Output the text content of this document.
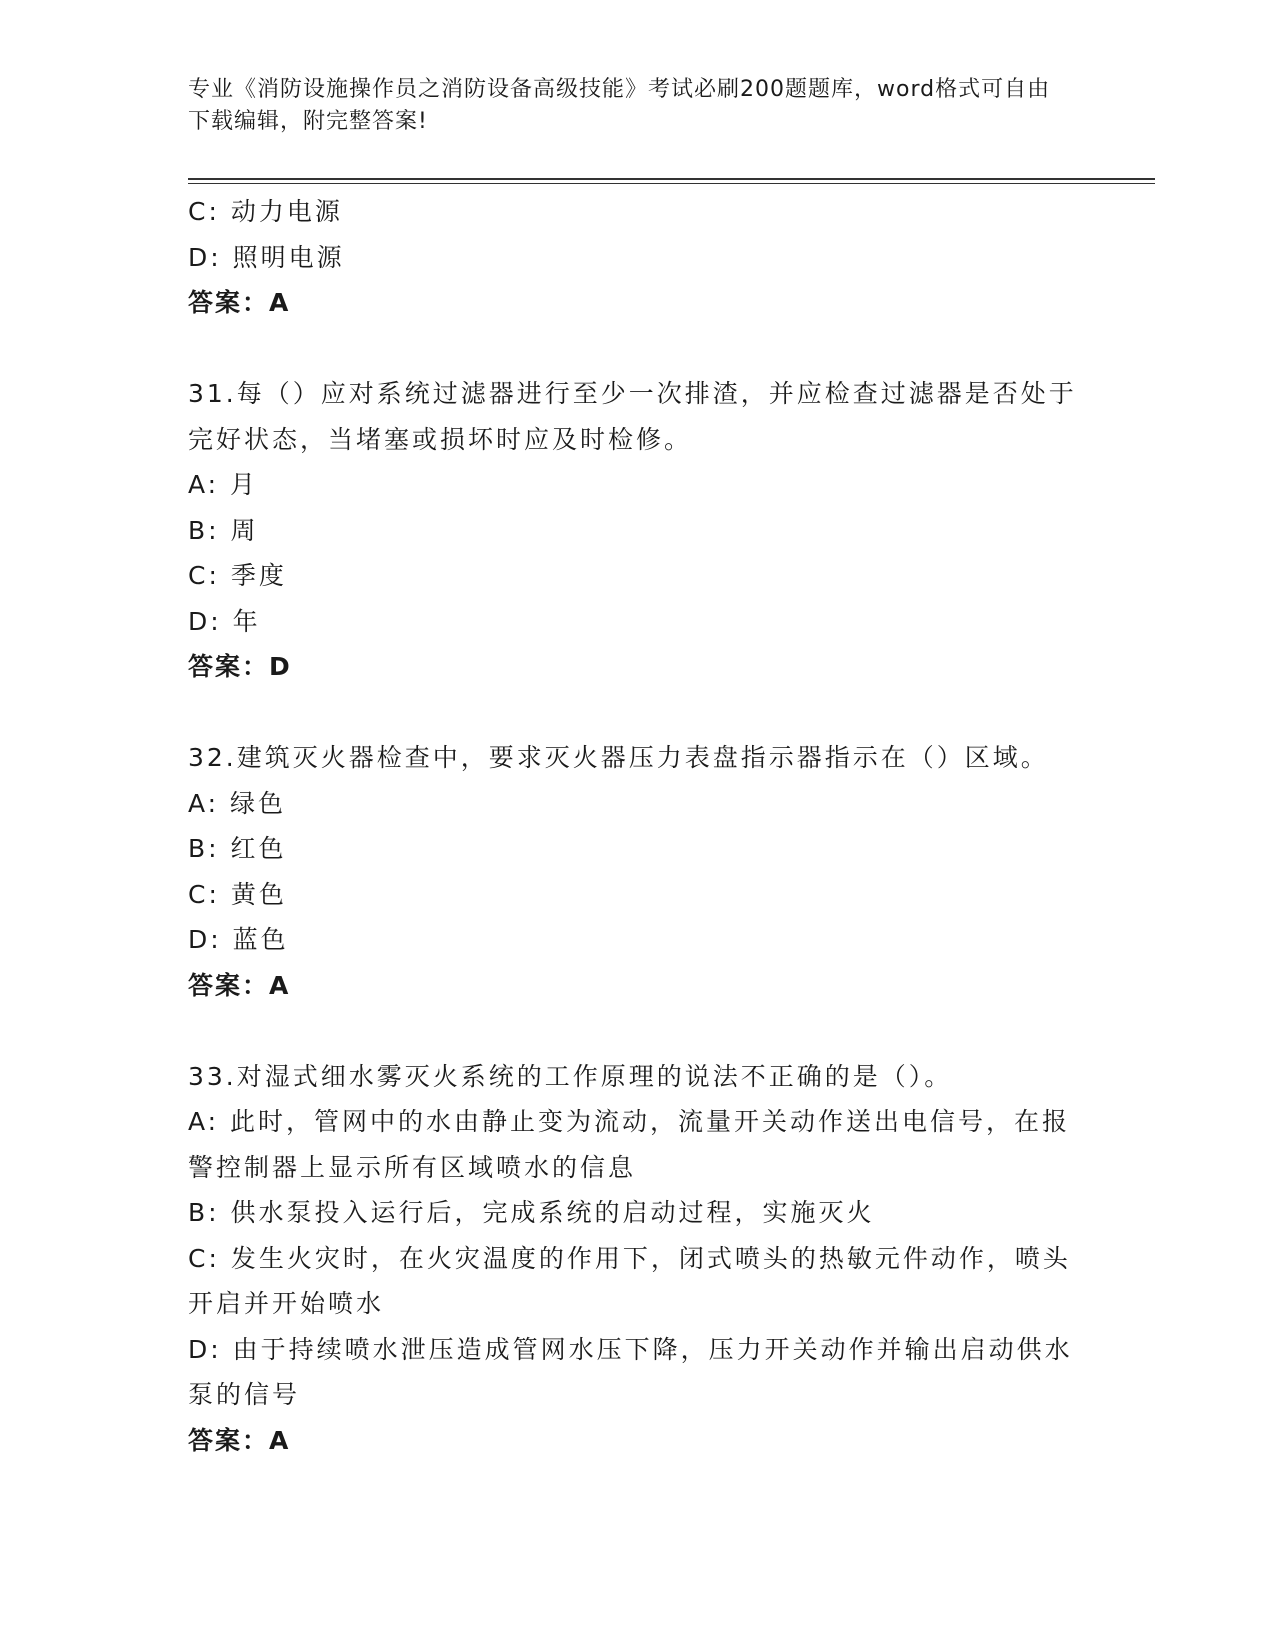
专业《消防设施操作员之消防设备高级技能》考试必刷200题题库，word格式可自由下载编辑，附完整答案!
C: 动力电源
D: 照明电源
答案：A
31.每（）应对系统过滤器进行至少一次排渣，并应检查过滤器是否处于完好状态，当堵塞或损坏时应及时检修。
A: 月
B: 周
C: 季度
D: 年
答案：D
32.建筑灭火器检查中，要求灭火器压力表盘指示器指示在（）区域。
A: 绿色
B: 红色
C: 黄色
D: 蓝色
答案：A
33.对湿式细水雾灭火系统的工作原理的说法不正确的是（）。
A: 此时，管网中的水由静止变为流动，流量开关动作送出电信号，在报警控制器上显示所有区域喷水的信息
B: 供水泵投入运行后，完成系统的启动过程，实施灭火
C: 发生火灾时，在火灾温度的作用下，闭式喷头的热敏元件动作，喷头开启并开始喷水
D: 由于持续喷水泄压造成管网水压下降，压力开关动作并输出启动供水泵的信号
答案：A
